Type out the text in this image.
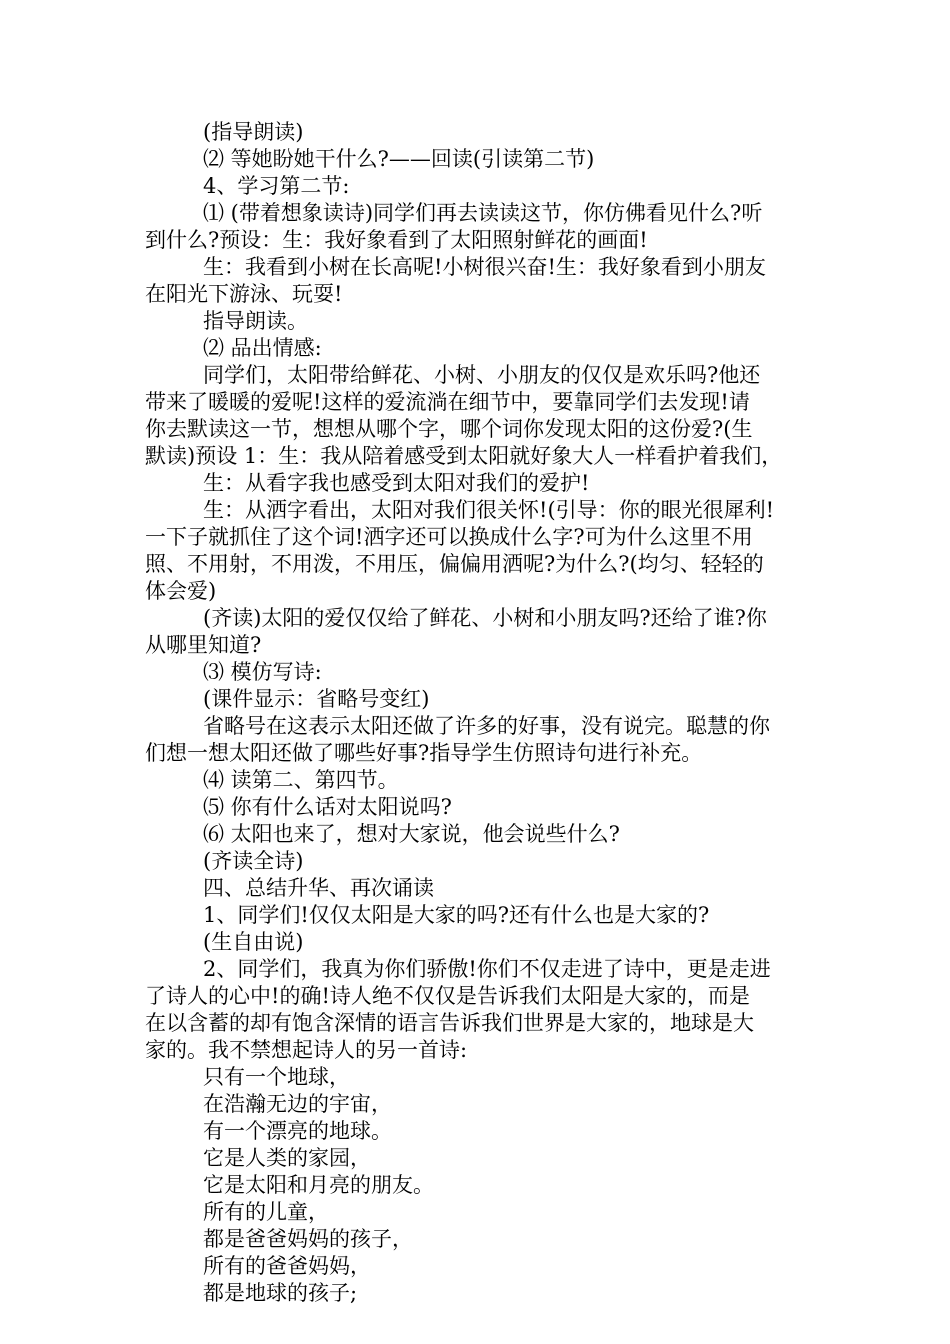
(指导朗读)
⑵ 等她盼她干什么?——回读(引读第二节)
4、学习第二节:
⑴ (带着想象读诗)同学们再去读读这节，你仿佛看见什么?听
到什么?预设：生：我好象看到了太阳照射鲜花的画面!
生：我看到小树在长高呢!小树很兴奋!生：我好象看到小朋友
在阳光下游泳、玩耍!
指导朗读。
⑵ 品出情感:
同学们，太阳带给鲜花、小树、小朋友的仅仅是欢乐吗?他还
带来了暖暖的爱呢!这样的爱流淌在细节中，要靠同学们去发现!请
你去默读这一节，想想从哪个字，哪个词你发现太阳的这份爱?(生
默读)预设 1：生：我从陪着感受到太阳就好象大人一样看护着我们，
生：从看字我也感受到太阳对我们的爱护!
生：从洒字看出，太阳对我们很关怀!(引导：你的眼光很犀利!
一下子就抓住了这个词!洒字还可以换成什么字?可为什么这里不用
照、不用射，不用泼，不用压，偏偏用洒呢?为什么?(均匀、轻轻的
体会爱)
(齐读)太阳的爱仅仅给了鲜花、小树和小朋友吗?还给了谁?你
从哪里知道?
⑶ 模仿写诗:
(课件显示：省略号变红)
省略号在这表示太阳还做了许多的好事，没有说完。聪慧的你
们想一想太阳还做了哪些好事?指导学生仿照诗句进行补充。
⑷ 读第二、第四节。
⑸ 你有什么话对太阳说吗?
⑹ 太阳也来了，想对大家说，他会说些什么?
(齐读全诗)
四、总结升华、再次诵读
1、同学们!仅仅太阳是大家的吗?还有什么也是大家的?
(生自由说)
2、同学们，我真为你们骄傲!你们不仅走进了诗中，更是走进
了诗人的心中!的确!诗人绝不仅仅是告诉我们太阳是大家的，而是
在以含蓄的却有饱含深情的语言告诉我们世界是大家的，地球是大
家的。我不禁想起诗人的另一首诗:
只有一个地球，
在浩瀚无边的宇宙，
有一个漂亮的地球。
它是人类的家园，
它是太阳和月亮的朋友。
所有的儿童，
都是爸爸妈妈的孩子，
所有的爸爸妈妈，
都是地球的孩子;
